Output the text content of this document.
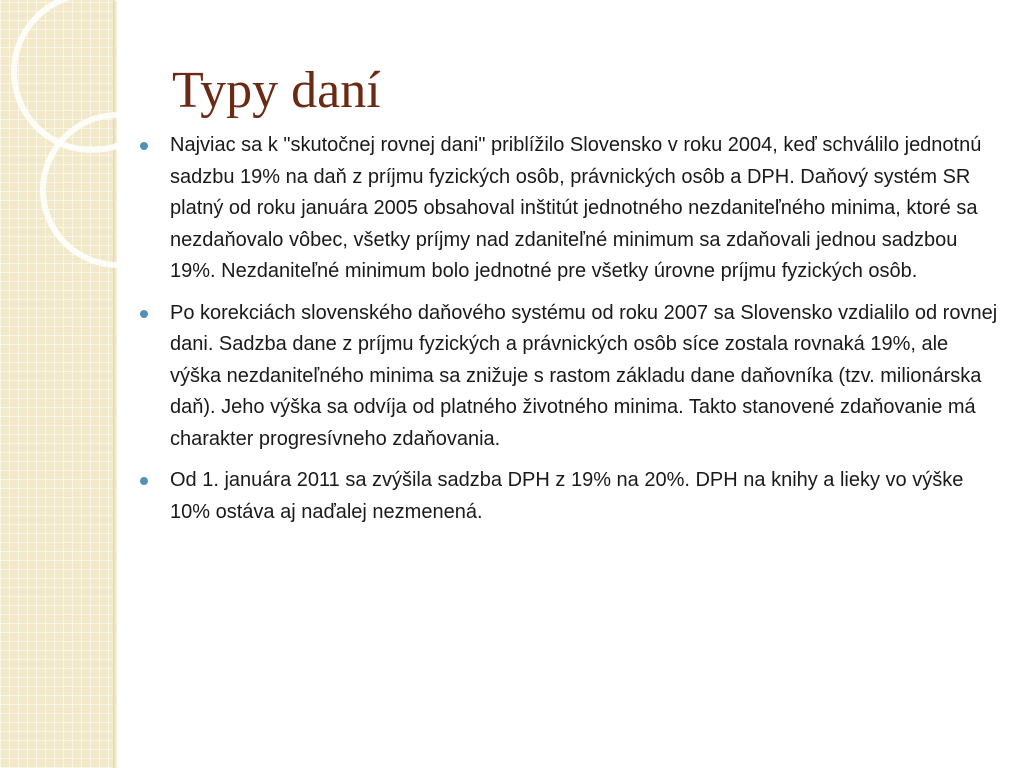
Typy daní
Najviac sa k "skutočnej rovnej dani" priblížilo Slovensko v roku 2004, keď schválilo jednotnú sadzbu 19% na daň z príjmu fyzických osôb, právnických osôb a DPH. Daňový systém SR platný od roku januára 2005 obsahoval inštitút jednotného nezdaniteľného minima, ktoré sa nezdaňovalo vôbec, všetky príjmy nad zdaniteľné minimum sa zdaňovali jednou sadzbou 19%. Nezdaniteľné minimum bolo jednotné pre všetky úrovne príjmu fyzických osôb.
Po korekciách slovenského daňového systému od roku 2007 sa Slovensko vzdialilo od rovnej dani. Sadzba dane z príjmu fyzických a právnických osôb síce zostala rovnaká 19%, ale výška nezdaniteľného minima sa znižuje s rastom základu dane daňovníka (tzv. milionárska daň). Jeho výška sa odvíja od platného životného minima. Takto stanovené zdaňovanie má charakter progresívneho zdaňovania.
Od 1. januára 2011 sa zvýšila sadzba DPH z 19% na 20%. DPH na knihy a lieky vo výške 10% ostáva aj naďalej nezmenená.
